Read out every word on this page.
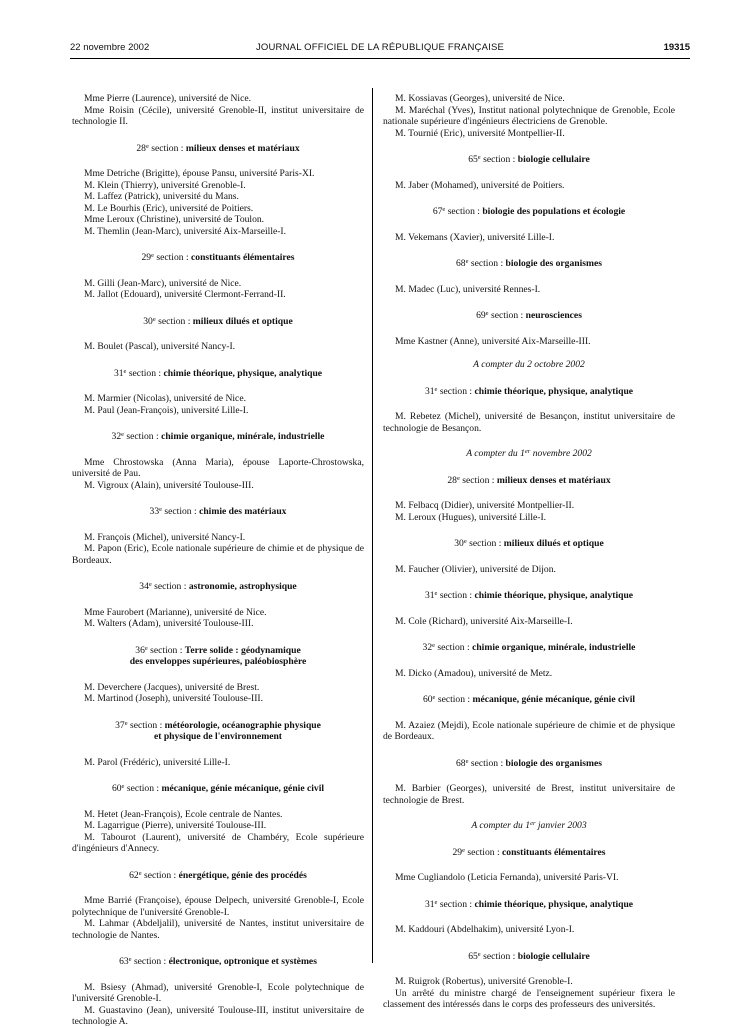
22 novembre 2002	JOURNAL OFFICIEL DE LA RÉPUBLIQUE FRANÇAISE	19315

Mme Pierre (Laurence), université de Nice.

Mme Roisin (Cécile), université Grenoble-II, institut universitaire de technologie II.

28e section : milieux denses et matériaux

Mme Detriche (Brigitte), épouse Pansu, université Paris-XI.

M. Klein (Thierry), université Grenoble-I.

M. Laffez (Patrick), université du Mans.

M. Le Bourhis (Eric), université de Poitiers.

Mme Leroux (Christine), université de Toulon.

M. Themlin (Jean-Marc), université Aix-Marseille-I.

29e section : constituants élémentaires

M. Gilli (Jean-Marc), université de Nice.

M. Jallot (Edouard), université Clermont-Ferrand-II.

30e section : milieux dilués et optique

M. Boulet (Pascal), université Nancy-I.

31e section : chimie théorique, physique, analytique

M. Marmier (Nicolas), université de Nice.

M. Paul (Jean-François), université Lille-I.

32e section : chimie organique, minérale, industrielle

Mme Chrostowska (Anna Maria), épouse Laporte-Chrostowska, université de Pau.

M. Vigroux (Alain), université Toulouse-III.

33e section : chimie des matériaux

M. François (Michel), université Nancy-I.

M. Papon (Eric), Ecole nationale supérieure de chimie et de physique de Bordeaux.

34e section : astronomie, astrophysique

Mme Faurobert (Marianne), université de Nice.

M. Walters (Adam), université Toulouse-III.

36e section : Terre solide : géodynamique
des enveloppes supérieures, paléobiosphère

M. Deverchere (Jacques), université de Brest.

M. Martinod (Joseph), université Toulouse-III.

37e section : météorologie, océanographie physique
et physique de l'environnement

M. Parol (Frédéric), université Lille-I.

60e section : mécanique, génie mécanique, génie civil

M. Hetet (Jean-François), Ecole centrale de Nantes.

M. Lagarrigue (Pierre), université Toulouse-III.

M. Tabourot (Laurent), université de Chambéry, Ecole supérieure d'ingénieurs d'Annecy.

62e section : énergétique, génie des procédés

Mme Barrié (Françoise), épouse Delpech, université Grenoble-I, Ecole polytechnique de l'université Grenoble-I.

M. Lahmar (Abdeljalil), université de Nantes, institut universitaire de technologie de Nantes.

63e section : électronique, optronique et systèmes

M. Bsiesy (Ahmad), université Grenoble-I, Ecole polytechnique de l'université Grenoble-I.

M. Guastavino (Jean), université Toulouse-III, institut universitaire de technologie A.

M. Kossiavas (Georges), université de Nice.

M. Maréchal (Yves), Institut national polytechnique de Grenoble, Ecole nationale supérieure d'ingénieurs électriciens de Grenoble.

M. Tournié (Eric), université Montpellier-II.

65e section : biologie cellulaire

M. Jaber (Mohamed), université de Poitiers.

67e section : biologie des populations et écologie

M. Vekemans (Xavier), université Lille-I.

68e section : biologie des organismes

M. Madec (Luc), université Rennes-I.

69e section : neurosciences

Mme Kastner (Anne), université Aix-Marseille-III.

A compter du 2 octobre 2002
31e section : chimie théorique, physique, analytique

M. Rebetez (Michel), université de Besançon, institut universitaire de technologie de Besançon.

A compter du 1er novembre 2002
28e section : milieux denses et matériaux

M. Felbacq (Didier), université Montpellier-II.

M. Leroux (Hugues), université Lille-I.

30e section : milieux dilués et optique

M. Faucher (Olivier), université de Dijon.

31e section : chimie théorique, physique, analytique

M. Cole (Richard), université Aix-Marseille-I.

32e section : chimie organique, minérale, industrielle

M. Dicko (Amadou), université de Metz.

60e section : mécanique, génie mécanique, génie civil

M. Azaiez (Mejdi), Ecole nationale supérieure de chimie et de physique de Bordeaux.

68e section : biologie des organismes

M. Barbier (Georges), université de Brest, institut universitaire de technologie de Brest.

A compter du 1er janvier 2003
29e section : constituants élémentaires

Mme Cugliandolo (Leticia Fernanda), université Paris-VI.

31e section : chimie théorique, physique, analytique

M. Kaddouri (Abdelhakim), université Lyon-I.

65e section : biologie cellulaire

M. Ruigrok (Robertus), université Grenoble-I.

Un arrêté du ministre chargé de l'enseignement supérieur fixera le classement des intéressés dans le corps des professeurs des universités.
